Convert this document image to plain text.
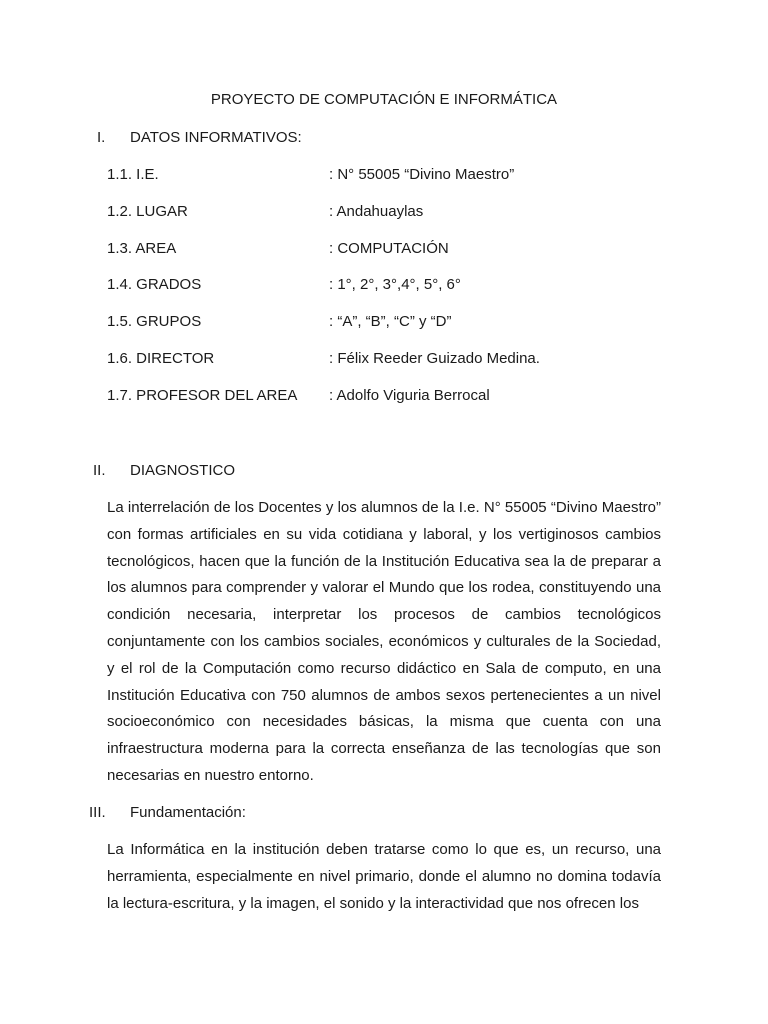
PROYECTO DE COMPUTACIÓN E INFORMÁTICA
I. DATOS INFORMATIVOS:
1.1. I.E.	: N° 55005 “Divino Maestro”
1.2. LUGAR	: Andahuaylas
1.3. AREA	: COMPUTACIÓN
1.4. GRADOS	: 1°, 2°, 3°,4°, 5°, 6°
1.5. GRUPOS	: “A”, “B”, “C” y “D”
1.6. DIRECTOR	: Félix Reeder Guizado Medina.
1.7. PROFESOR DEL AREA : Adolfo Viguria Berrocal
II. DIAGNOSTICO

La interrelación de los Docentes y los alumnos de la I.e. N° 55005 “Divino Maestro” con formas artificiales en su vida cotidiana y laboral, y los vertiginosos cambios tecnológicos, hacen que la función de la Institución Educativa sea la de preparar a los alumnos para comprender y valorar el Mundo que los rodea, constituyendo una condición necesaria, interpretar los procesos de cambios tecnológicos conjuntamente con los cambios sociales, económicos y culturales de la Sociedad, y el rol de la Computación como recurso didáctico en Sala de computo, en una Institución Educativa con 750 alumnos de ambos sexos pertenecientes a un nivel socioeconómico con necesidades básicas, la misma que cuenta con una infraestructura moderna para la correcta enseñanza de las tecnologías que son necesarias en nuestro entorno.

III. Fundamentación:

La Informática en la institución deben tratarse como lo que es, un recurso, una herramienta, especialmente en nivel primario, donde el alumno no domina todavía la lectura-escritura, y la imagen, el sonido y la interactividad que nos ofrecen los
